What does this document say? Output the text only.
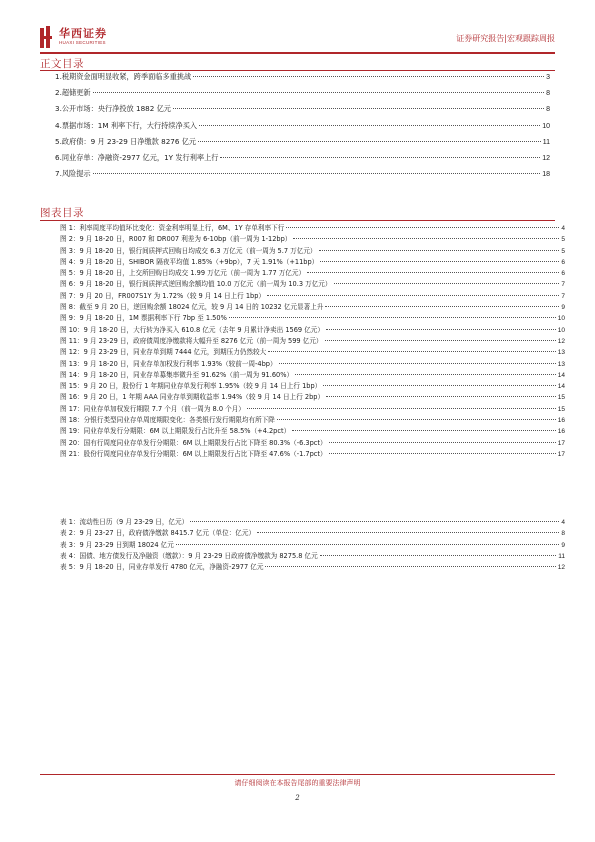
华西证券
HUAXI SECURITIES	证券研究报告|宏观跟踪周报
正文目录
1.税期资金面明显收紧，跨季面临多重挑战	3
2.超储更新	8
3.公开市场：央行净投放 1882 亿元	8
4.票据市场：1M 利率下行，大行持续净买入	10
5.政府债：9 月 23-29 日净缴款 8276 亿元	11
6.同业存单：净融资-2977 亿元，1Y 发行利率上行	12
7.风险提示	18
图表目录
图 1：利率周度平均值环比变化：资金利率明显上行，6M、1Y 存单利率下行	4
图 2：9 月 18-20 日，R007 和 DR007 利差为 6-10bp（前一周为 1-12bp）	5
图 3：9 月 18-20 日，银行间质押式回购日均成交 6.3 万亿元（前一周为 5.7 万亿元）	5
图 4：9 月 18-20 日，SHIBOR 隔夜平均值 1.85%（+9bp），7 天 1.91%（+11bp）	6
图 5：9 月 18-20 日，上交所回购日均成交 1.99 万亿元（前一周为 1.77 万亿元）	6
图 6：9 月 18-20 日，银行间质押式逆回购余额均值 10.0 万亿元（前一周为 10.3 万亿元）	7
图 7：9 月 20 日，FR007S1Y 为 1.72%（较 9 月 14 日上行 1bp）	7
图 8：截至 9 月 20 日，逆回购余额 18024 亿元，较 9 月 14 日的 10232 亿元显著上升	9
图 9：9 月 18-20 日，1M 票据利率下行 7bp 至 1.50%	10
图 10：9 月 18-20 日，大行转为净买入 610.8 亿元（去年 9 月累计净卖出 1569 亿元）	10
图 11：9 月 23-29 日，政府债周度净缴款将大幅升至 8276 亿元（前一周为 599 亿元）	12
图 12：9 月 23-29 日，同业存单到期 7444 亿元，到期压力仍然较大	13
图 13：9 月 18-20 日，同业存单加权发行利率 1.93%（较前一周-4bp）	13
图 14：9 月 18-20 日，同业存单募集率微升至 91.62%（前一周为 91.60%）	14
图 15：9 月 20 日，股份行 1 年期同业存单发行利率 1.95%（较 9 月 14 日上行 1bp）	14
图 16：9 月 20 日，1 年期 AAA 同业存单到期收益率 1.94%（较 9 月 14 日上行 2bp）	15
图 17：同业存单加权发行期限 7.7 个月（前一周为 8.0 个月）	15
图 18：分银行类型同业存单周度期限变化：各类银行发行期限均有所下降	16
图 19：同业存单发行分期限：6M 以上期限发行占比升至 58.5%（+4.2pct）	16
图 20：国有行周度同业存单发行分期限：6M 以上期限发行占比下降至 80.3%（-6.3pct）	17
图 21：股份行周度同业存单发行分期限：6M 以上期限发行占比下降至 47.6%（-1.7pct）	17
表 1：流动性日历（9 月 23-29 日，亿元）	4
表 2：9 月 23-27 日，政府债净缴款 8415.7 亿元（单位：亿元）	8
表 3：9 月 23-29 日到期 18024 亿元	9
表 4：国债、地方债发行及净融资（缴款）：9 月 23-29 日政府债净缴款为 8275.8 亿元	11
表 5：9 月 18-20 日，同业存单发行 4780 亿元，净融资-2977 亿元	12
请仔细阅读在本报告尾部的重要法律声明
2
